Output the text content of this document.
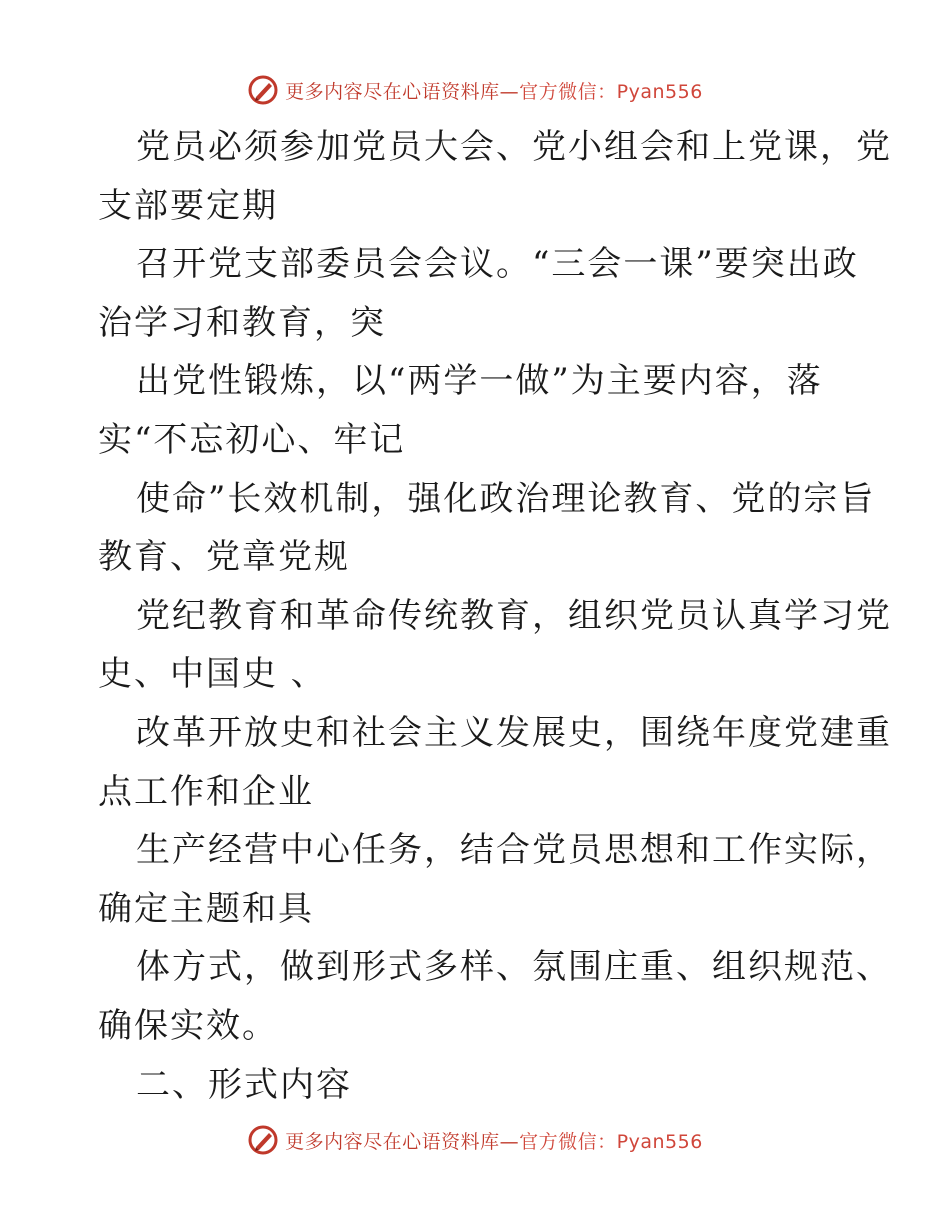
更多内容尽在心语资料库— 官方微信：Pyan556
党员必须参加党员大会、党小组会和上党课，党
支部要定期
召开党支部委员会会议。“三会一课”要突出政
治学习和教育，突
出党性锻炼，以“两学一做”为主要内容，落
实“不忘初心、牢记
使命”长效机制，强化政治理论教育、党的宗旨
教育、党章党规
党纪教育和革命传统教育，组织党员认真学习党
史、中国史 、
改革开放史和社会主义发展史，围绕年度党建重
点工作和企业
生产经营中心任务，结合党员思想和工作实际，
确定主题和具
体方式，做到形式多样、氛围庄重、组织规范、
确保实效。
二、形式内容
更多内容尽在心语资料库— 官方微信：Pyan556
